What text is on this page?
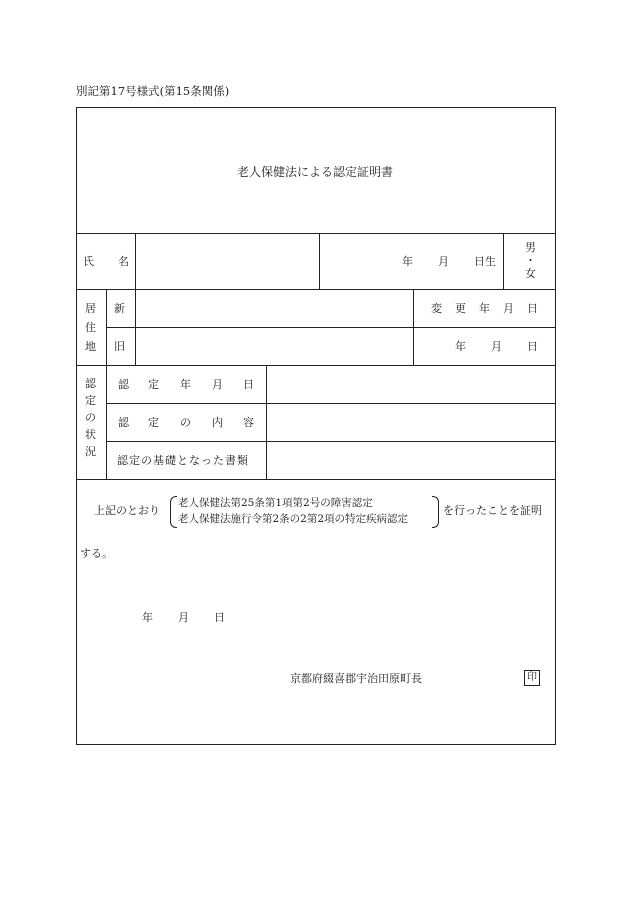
別記第17号様式(第15条関係)
老人保健法による認定証明書
氏 名	年 月 日生
男
・
女
居
住
地
新
旧
変 更 年 月 日
年 月 日
認
定
の
状
況
認 定 年 月 日
認 定 の 内 容
認定の基礎となった書類
上記のとおり
老人保健法第25条第1項第2号の障害認定
老人保健法施行令第2条の2第2項の特定疾病認定
を行ったことを証明
する。
年 月 日
京都府綴喜郡宇治田原町長	印
